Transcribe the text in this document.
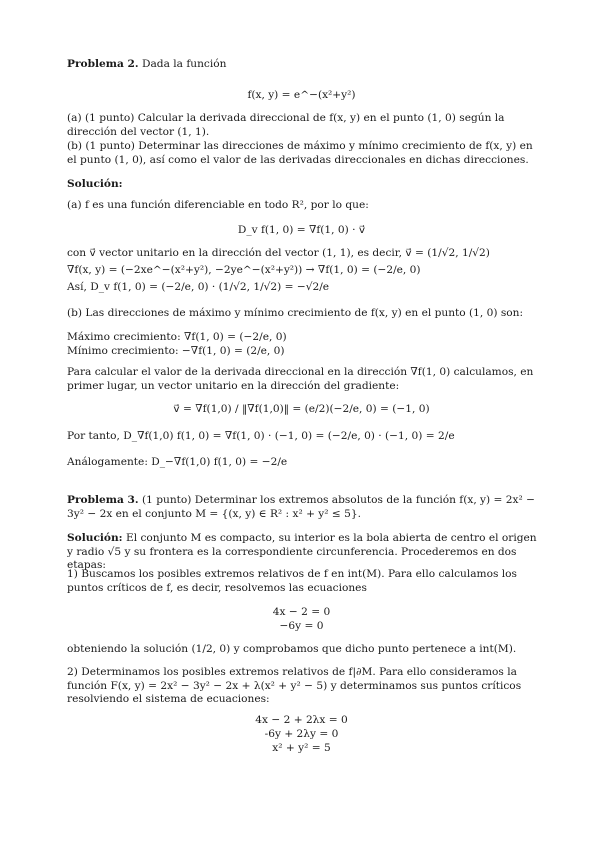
Problema 2. Dada la función
f(x, y) = e^−(x²+y²)

(a) (1 punto) Calcular la derivada direccional de f(x, y) en el punto (1, 0) según la dirección del vector (1, 1).

(b) (1 punto) Determinar las direcciones de máximo y mínimo crecimiento de f(x, y) en el punto (1, 0), así como el valor de las derivadas direccionales en dichas direcciones.

Solución:
(a) f es una función diferenciable en todo R², por lo que:
D_v f(1, 0) = ∇f(1, 0) · v⃗
con v⃗ vector unitario en la dirección del vector (1, 1), es decir, v⃗ = (1/√2, 1/√2)
∇f(x, y) = (−2xe^−(x²+y²), −2ye^−(x²+y²)) → ∇f(1, 0) = (−2/e, 0)
Así, D_v f(1, 0) = (−2/e, 0) · (1/√2, 1/√2) = −√2/e
(b) Las direcciones de máximo y mínimo crecimiento de f(x, y) en el punto (1, 0) son:
Máximo crecimiento: ∇f(1, 0) = (−2/e, 0)
Mínimo crecimiento: −∇f(1, 0) = (2/e, 0)

Para calcular el valor de la derivada direccional en la dirección ∇f(1, 0) calculamos, en primer lugar, un vector unitario en la dirección del gradiente:

v⃗ = ∇f(1,0) / ‖∇f(1,0)‖ = (e/2)(−2/e, 0) = (−1, 0)
Por tanto, D_∇f(1,0) f(1, 0) = ∇f(1, 0) · (−1, 0) = (−2/e, 0) · (−1, 0) = 2/e
Análogamente: D_−∇f(1,0) f(1, 0) = −2/e

Problema 3. (1 punto) Determinar los extremos absolutos de la función f(x, y) = 2x² − 3y² − 2x en el conjunto M = {(x, y) ∈ R² : x² + y² ≤ 5}.

Solución: El conjunto M es compacto, su interior es la bola abierta de centro el origen y radio √5 y su frontera es la correspondiente circunferencia. Procederemos en dos etapas:

1) Buscamos los posibles extremos relativos de f en int(M). Para ello calculamos los puntos críticos de f, es decir, resolvemos las ecuaciones

4x − 2 = 0
−6y = 0
obteniendo la solución (1/2, 0) y comprobamos que dicho punto pertenece a int(M).

2) Determinamos los posibles extremos relativos de f|∂M. Para ello consideramos la función F(x, y) = 2x² − 3y² − 2x + λ(x² + y² − 5) y determinamos sus puntos críticos resolviendo el sistema de ecuaciones:

4x − 2 + 2λx = 0
-6y + 2λy = 0
x² + y² = 5
